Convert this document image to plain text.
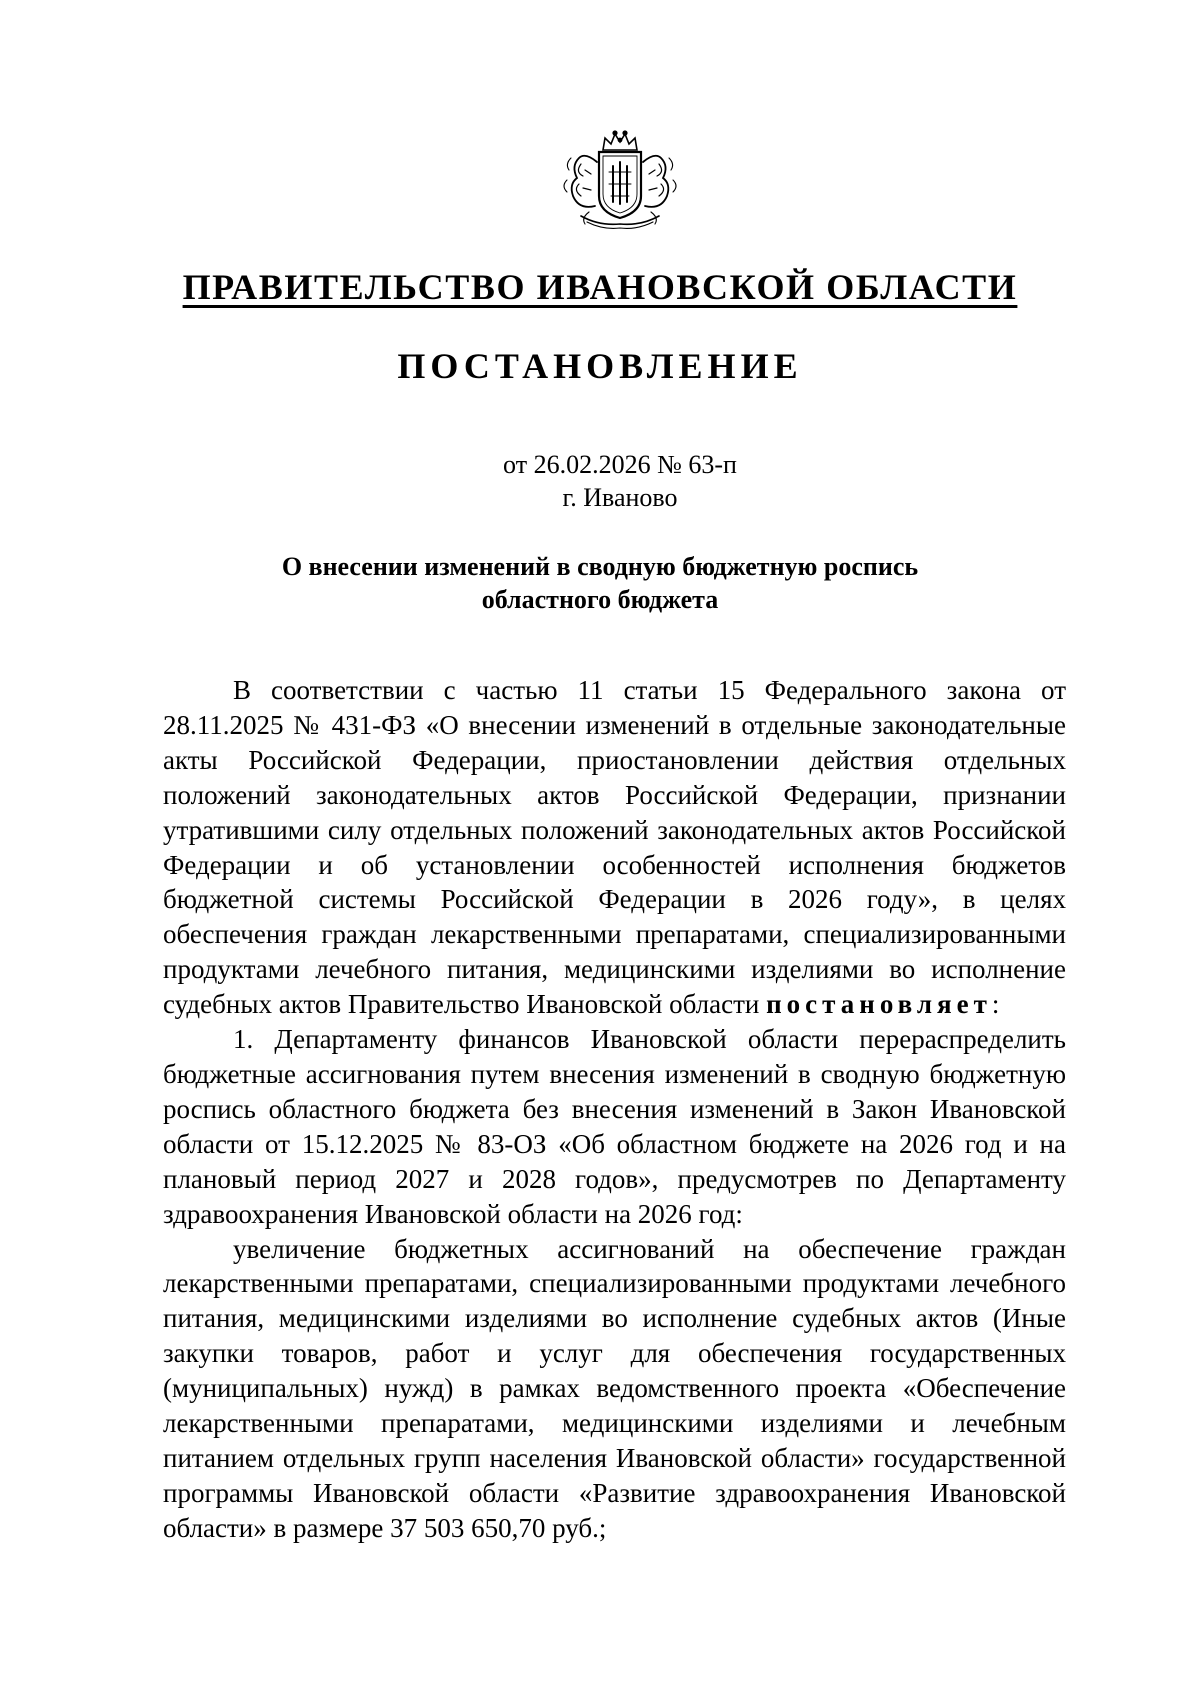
ПРАВИТЕЛЬСТВО ИВАНОВСКОЙ ОБЛАСТИ
ПОСТАНОВЛЕНИЕ
от 26.02.2026 № 63-п
г. Иваново
О внесении изменений в сводную бюджетную роспись
областного бюджета

В соответствии с частью 11 статьи 15 Федерального закона от 28.11.2025 № 431-ФЗ «О внесении изменений в отдельные законодательные акты Российской Федерации, приостановлении действия отдельных положений законодательных актов Российской Федерации, признании утратившими силу отдельных положений законодательных актов Российской Федерации и об установлении особенностей исполнения бюджетов бюджетной системы Российской Федерации в 2026 году», в целях обеспечения граждан лекарственными препаратами, специализированными продуктами лечебного питания, медицинскими изделиями во исполнение судебных актов Правительство Ивановской области постановляет:

1. Департаменту финансов Ивановской области перераспределить бюджетные ассигнования путем внесения изменений в сводную бюджетную роспись областного бюджета без внесения изменений в Закон Ивановской области от 15.12.2025 № 83-ОЗ «Об областном бюджете на 2026 год и на плановый период 2027 и 2028 годов», предусмотрев по Департаменту здравоохранения Ивановской области на 2026 год:

увеличение бюджетных ассигнований на обеспечение граждан лекарственными препаратами, специализированными продуктами лечебного питания, медицинскими изделиями во исполнение судебных актов (Иные закупки товаров, работ и услуг для обеспечения государственных (муниципальных) нужд) в рамках ведомственного проекта «Обеспечение лекарственными препаратами, медицинскими изделиями и лечебным питанием отдельных групп населения Ивановской области» государственной программы Ивановской области «Развитие здравоохранения Ивановской области» в размере 37 503 650,70 руб.;
